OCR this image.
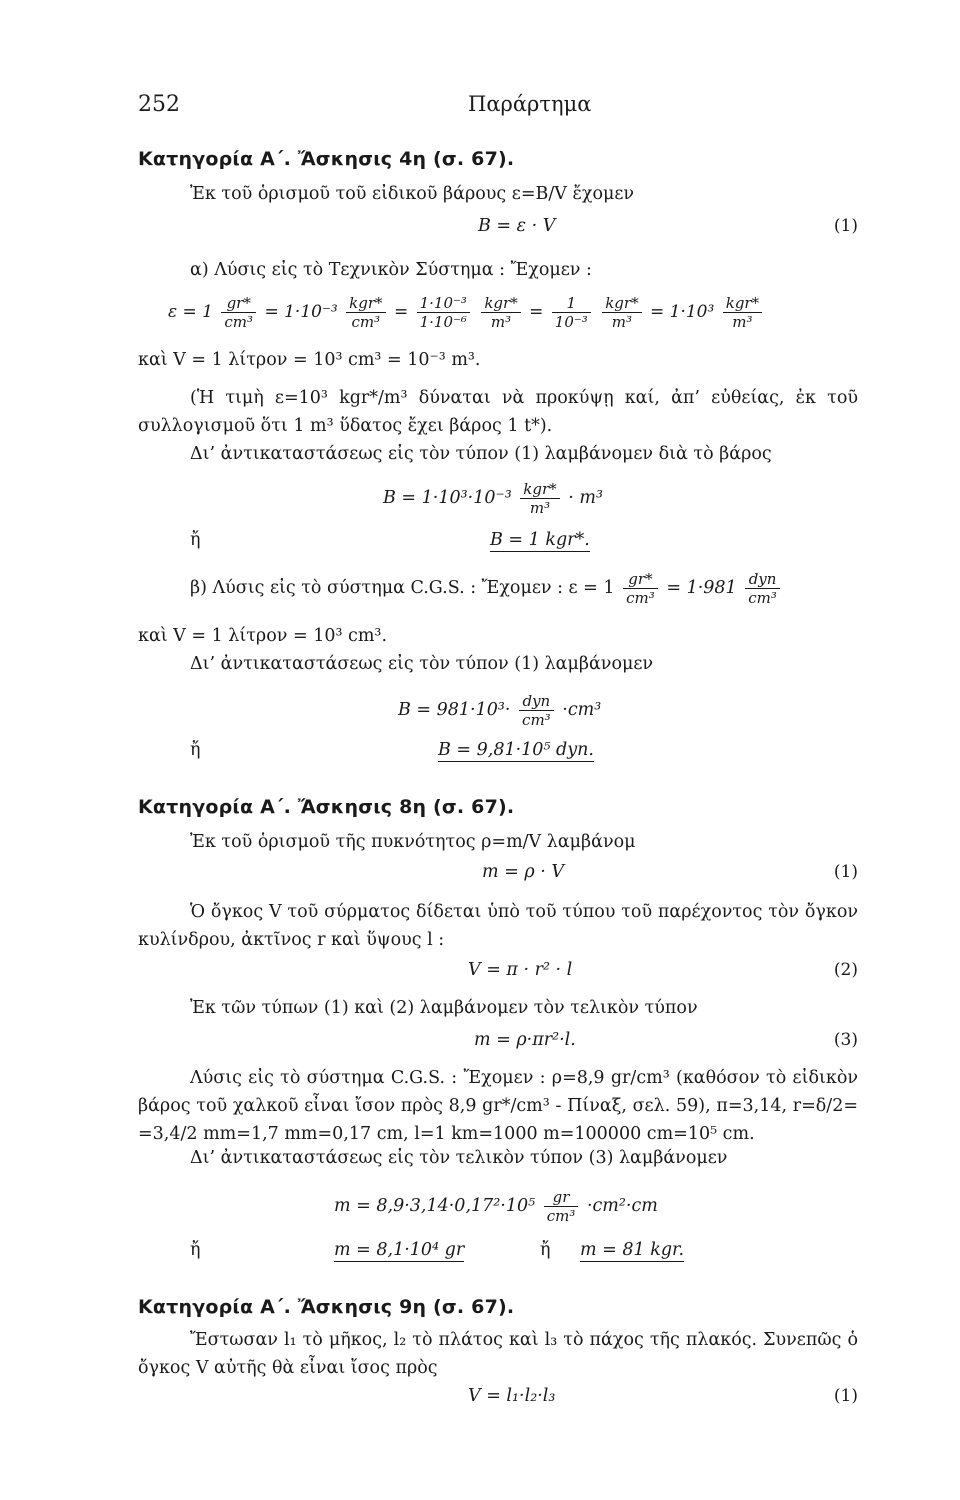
252	Παράρτημα
Κατηγορία Α΄. Ἄσκησις 4η (σ. 67).
Ἐκ τοῦ ὁρισμοῦ τοῦ εἰδικοῦ βάρους ε=B/V ἔχομεν
B = ε · V	(1)
α) Λύσις εἰς τὸ Τεχνικὸν Σύστημα : Ἔχομεν :
$\varepsilon = 1 \frac{gr*}{\text{cm³}} = 1\cdot 10^{-3} \frac{\text{kgr*}}{\text{cm³}} = \frac{\text{1·10⁻³}}{\text{1·10⁻⁶}}$
$\frac{\text{kgr*}}{\text{m³}} = \frac{1}{\text{10⁻³}}$
$\frac{\text{kgr*}}{\text{m³}} = 1\cdot 10^3 \frac{\text{kgr*}}{\text{m³}}$
καὶ V = 1 λίτρον = 10³ cm³ = 10⁻³ m³.
(Ἡ τιμὴ ε=10³ kgr*/m³ δύναται νὰ προκύψῃ καί, ἀπ’ εὐθείας, ἐκ τοῦ συλλογισμοῦ ὅτι 1 m³ ὕδατος ἔχει βάρος 1 t*).
Δι’ ἀντικαταστάσεως εἰς τὸν τύπον (1) λαμβάνομεν διὰ τὸ βάρος
$B = 1\cdot 10^3\cdot 10^{-3} \frac{\text{kgr*}}{\text{m³}} \cdot m^3$
ἤ	B = 1 kgr*.
β) Λύσις εἰς τὸ σύστημα C.G.S. : Ἔχομεν : $\varepsilon = 1 \frac{gr*}{\text{cm³}} = 1\cdot 981 \frac{\text{dyn}}{\text{cm³}}$
καὶ V = 1 λίτρον = 10³ cm³.
Δι’ ἀντικαταστάσεως εἰς τὸν τύπον (1) λαμβάνομεν
$B = 981\cdot 10^3\cdot \frac{\text{dyn}}{\text{cm³}} \cdot cm^3$
ἤ	B = 9,81·10⁵ dyn.
Κατηγορία Α΄. Ἄσκησις 8η (σ. 67).
Ἐκ τοῦ ὁρισμοῦ τῆς πυκνότητος ρ=m/V λαμβάνομ
m = ρ · V	(1)
Ὁ ὄγκος V τοῦ σύρματος δίδεται ὑπὸ τοῦ τύπου τοῦ παρέχοντος τὸν ὄγκον κυλίνδρου, ἀκτῖνος r καὶ ὕψους l :
V = π · r² · l	(2)
Ἐκ τῶν τύπων (1) καὶ (2) λαμβάνομεν τὸν τελικὸν τύπον
m = ρ·πr²·l.	(3)
Λύσις εἰς τὸ σύστημα C.G.S. : Ἔχομεν : ρ=8,9 gr/cm³ (καθόσον τὸ εἰδικὸν βάρος τοῦ χαλκοῦ εἶναι ἴσον πρὸς 8,9 gr*/cm³ - Πίναξ, σελ. 59), π=3,14, r=δ/2= =3,4/2 mm=1,7 mm=0,17 cm, l=1 km=1000 m=100000 cm=10⁵ cm.
Δι’ ἀντικαταστάσεως εἰς τὸν τελικὸν τύπον (3) λαμβάνομεν
$m = 8,9\cdot 3,14\cdot 0,17^2\cdot 10^5 \frac{gr}{\text{cm³}} \cdot cm^2\cdot cm$
ἤ	m = 8,1·10⁴ gr	ἤ m = 81 kgr.
Κατηγορία Α΄. Ἄσκησις 9η (σ. 67).
Ἔστωσαν l₁ τὸ μῆκος, l₂ τὸ πλάτος καὶ l₃ τὸ πάχος τῆς πλακός. Συνεπῶς ὁ ὄγκος V αὐτῆς θὰ εἶναι ἴσος πρὸς
V = l₁·l₂·l₃	(1)
